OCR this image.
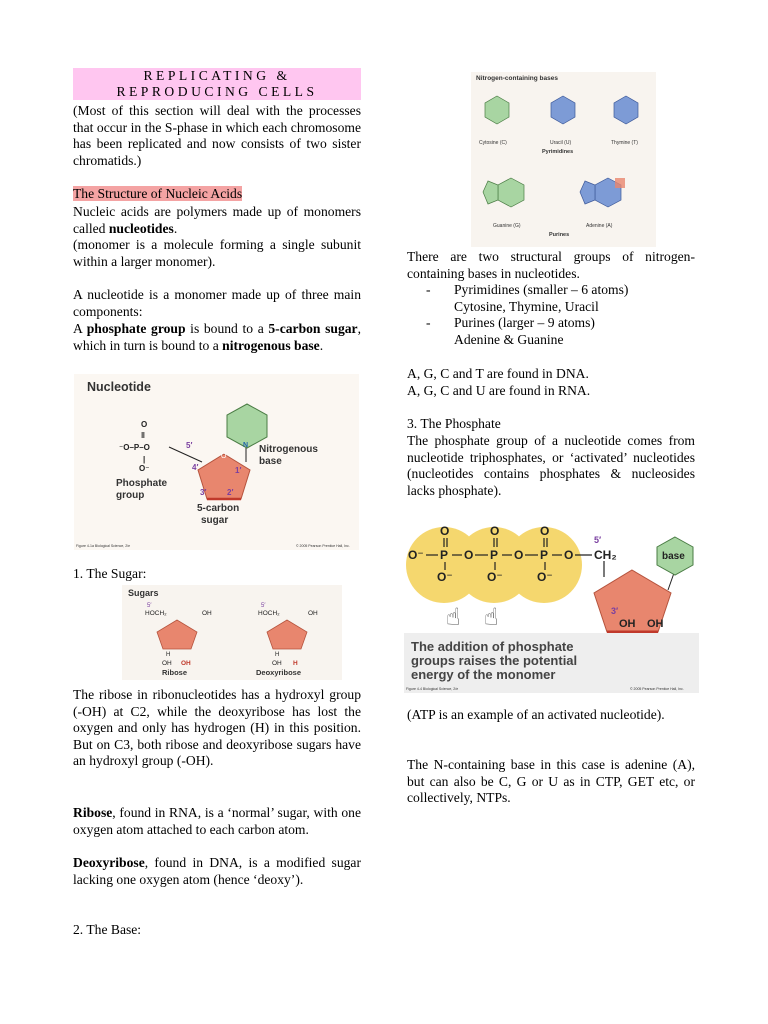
REPLICATING &
REPRODUCING CELLS

(Most of this section will deal with the processes that occur in the S-phase in which each chromosome has been replicated and now consists of two sister chromatids.)

The Structure of Nucleic Acids

Nucleic acids are polymers made up of monomers called nucleotides.

(monomer is a molecule forming a single subunit within a larger monomer).

A nucleotide is a monomer made up of three main components:

A phosphate group is bound to a 5-carbon sugar, which in turn is bound to a nitrogenous base.

1. The Sugar:

The ribose in ribonucleotides has a hydroxyl group (-OH) at C2, while the deoxyribose has lost the oxygen and only has hydrogen (H) in this position. But on C3, both ribose and deoxyribose sugars have an hydroxyl group (-OH).

Ribose, found in RNA, is a ‘normal’ sugar, with one oxygen atom attached to each carbon atom.

Deoxyribose, found in DNA, is a modified sugar lacking one oxygen atom (hence ‘deoxy’).

2. The Base:
Nucleotide
O
‖
⁻O–P–O
|
O⁻
5′
O
4′	1′
3′	2′
N Nitrogenous
base
Phosphate
group
5-carbon
sugar
Figure 4-1a Biological Science, 2/e	© 2005 Pearson Prentice Hall, Inc.
Sugars
5′
HOCH₂	OH
H
OH OH
Ribose
5′
HOCH₂	OH
H
OH H
Deoxyribose

There are two structural groups of nitrogen-containing bases in nucleotides.

- Pyrimidines (smaller – 6 atoms)
Cytosine, Thymine, Uracil
- Purines (larger – 9 atoms)
Adenine & Guanine

A, G, C and T are found in DNA.

A, G, C and U are found in RNA.

3. The Phosphate

The phosphate group of a nucleotide comes from nucleotide triphosphates, or ‘activated’ nucleotides (nucleotides contains phosphates & nucleosides lacks phosphate).

(ATP is an example of an activated nucleotide).

The N-containing base in this case is adenine (A), but can also be C, G or U as in CTP, GET etc, or collectively, NTPs.

Nitrogen-containing bases
Cytosine (C)	Uracil (U)	Thymine (T)
Pyrimidines
Guanine (G)	Adenine (A)
Purines
O	O	O
O⁻ P O P O P O CH₂
O⁻	O⁻	O⁻
5′
3′
OH OH
base
☝ ☝
The addition of phosphate
groups raises the potential
energy of the monomer
Figure 4-4 Biological Science, 2/e	© 2005 Pearson Prentice Hall, Inc.
